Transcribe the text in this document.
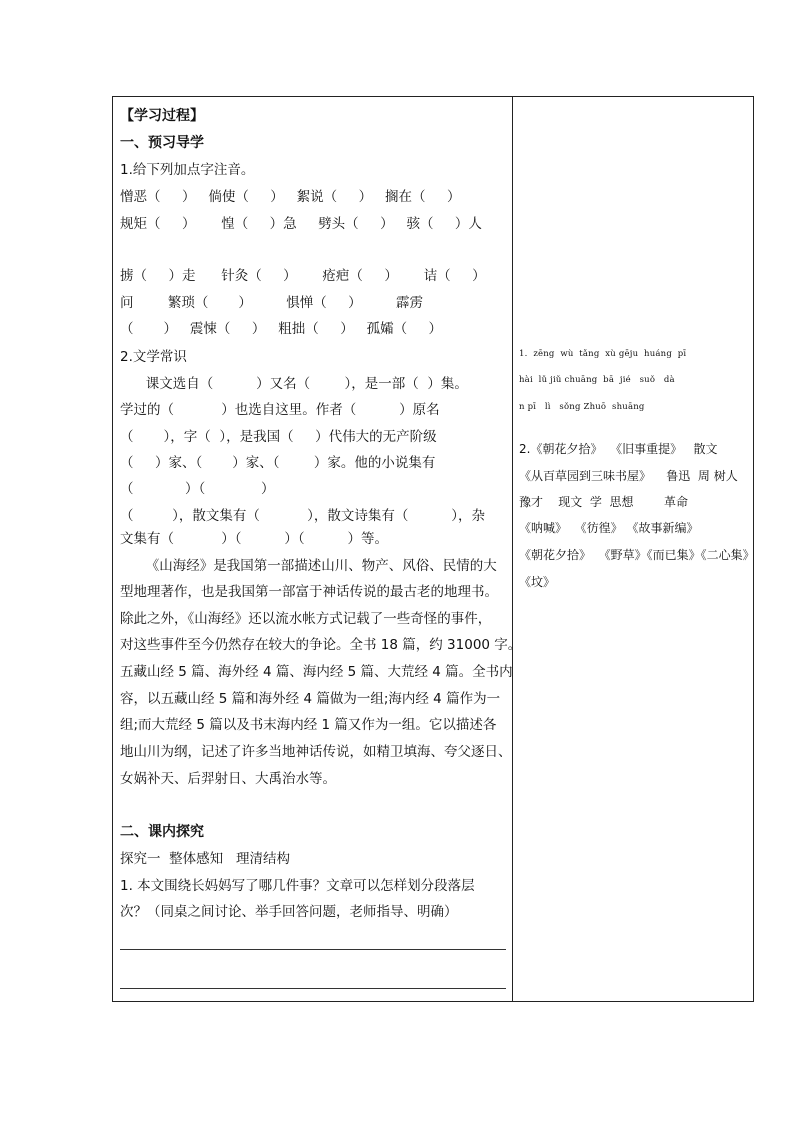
【学习过程】
一、预习导学
1.给下列加点字注音。
憎恶（     ）   倘使（     ）   絮说（     ）   搁在（     ）
规矩（     ）      惶（     ）急     劈头（     ）   骇（     ）人
掳（     ）走      针灸（     ）      疮疤（     ）      诘（     ）
问        繁琐（       ）        惧惮（     ）        霹雳
（       ）   震悚（     ）   粗拙（     ）   孤孀（     ）
2.文学常识
课文选自（          ）又名（        ），是一部（  ）集。
学过的（           ）也选自这里。作者（          ）原名
（       ），字（  ），是我国（     ）代伟大的无产阶级
（     ）家、（       ）家、（        ）家。他的小说集有
（            ）（             ）
（         ），散文集有（           ），散文诗集有（          ），杂
文集有（           ）（          ）（          ）等。
《山海经》是我国第一部描述山川、物产、风俗、民情的大
型地理著作，也是我国第一部富于神话传说的最古老的地理书。
除此之外，《山海经》还以流水帐方式记载了一些奇怪的事件，
对这些事件至今仍然存在较大的争论。全书 18 篇，约 31000 字。
五藏山经 5 篇、海外经 4 篇、海内经 5 篇、大荒经 4 篇。全书内
容，以五藏山经 5 篇和海外经 4 篇做为一组;海内经 4 篇作为一
组;而大荒经 5 篇以及书末海内经 1 篇又作为一组。它以描述各
地山川为纲，记述了许多当地神话传说，如精卫填海、夸父逐日、
女娲补天、后羿射日、大禹治水等。
二、课内探究
探究一  整体感知   理清结构
1. 本文围绕长妈妈写了哪几件事？文章可以怎样划分段落层
次？（同桌之间讨论、举手回答问题，老师指导、明确）
1.  zēng  wù  tǎng  xù gēju  huáng  pī
hài  lǔ jiǔ chuāng  bā  jié   suǒ   dà
n pī   lì   sǒng Zhuō  shuāng
2.《朝花夕拾》  《旧事重提》   散文
《从百草园到三味书屋》    鲁迅  周 树人
豫才    现文  学  思想        革命
《呐喊》  《彷徨》 《故事新编》
《朝花夕拾》  《野草》《而已集》《二心集》
《坟》
